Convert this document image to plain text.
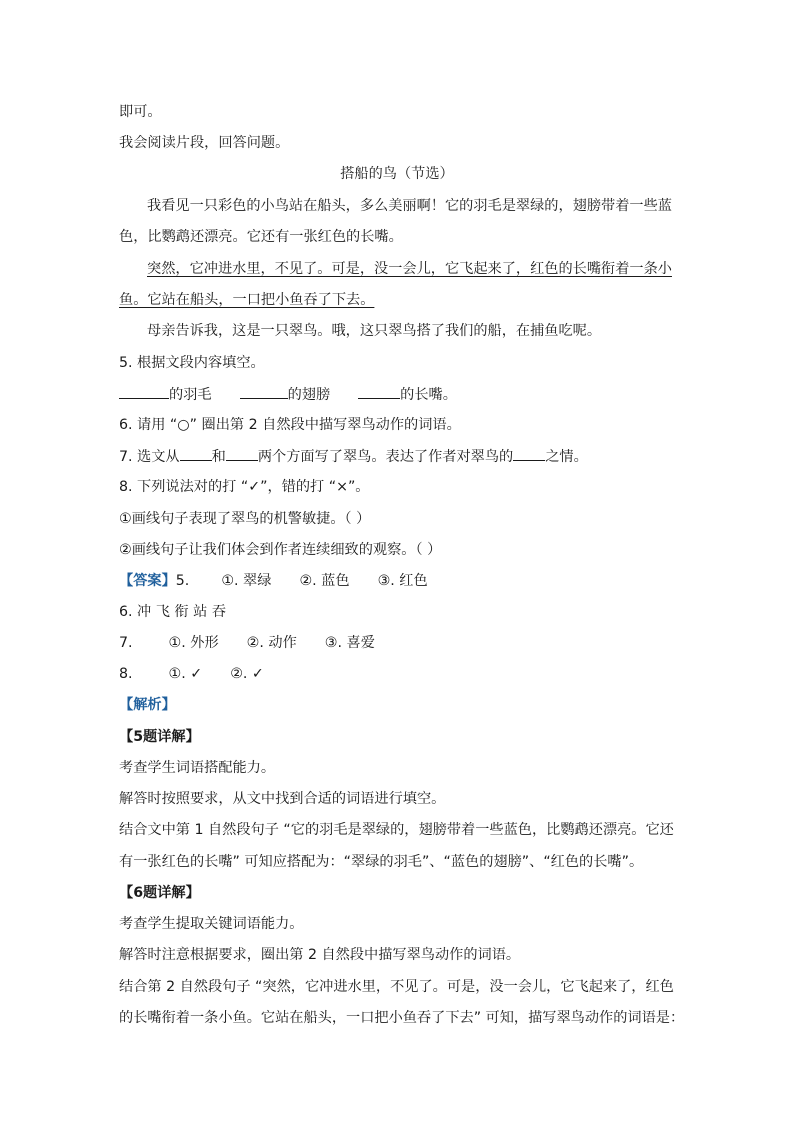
即可。
我会阅读片段，回答问题。
搭船的鸟（节选）
我看见一只彩色的小鸟站在船头，多么美丽啊！它的羽毛是翠绿的，翅膀带着一些蓝
色，比鹦鹉还漂亮。它还有一张红色的长嘴。
突然，它冲进水里，不见了。可是，没一会儿，它飞起来了，红色的长嘴衔着一条小
鱼。它站在船头，一口把小鱼吞了下去。
母亲告诉我，这是一只翠鸟。哦，这只翠鸟搭了我们的船，在捕鱼吃呢。
5. 根据文段内容填空。
的羽毛	的翅膀	的长嘴。
6. 请用 “○” 圈出第 2 自然段中描写翠鸟动作的词语。
7. 选文从 和 两个方面写了翠鸟。表达了作者对翠鸟的 之情。
8. 下列说法对的打 “✓”，错的打 “×”。
①画线句子表现了翠鸟的机警敏捷。（ ）
②画线句子让我们体会到作者连续细致的观察。（ ）
【答案】5. ①. 翠绿 ②. 蓝色 ③. 红色
6. 冲 飞 衔 站 吞
7.	①. 外形 ②. 动作 ③. 喜爱
8.	①. ✓ ②. ✓
【解析】
【5题详解】
考查学生词语搭配能力。
解答时按照要求，从文中找到合适的词语进行填空。
结合文中第 1 自然段句子 “它的羽毛是翠绿的，翅膀带着一些蓝色，比鹦鹉还漂亮。它还
有一张红色的长嘴” 可知应搭配为：“翠绿的羽毛”、“蓝色的翅膀”、“红色的长嘴”。
【6题详解】
考查学生提取关键词语能力。
解答时注意根据要求，圈出第 2 自然段中描写翠鸟动作的词语。
结合第 2 自然段句子 “突然，它冲进水里，不见了。可是，没一会儿，它飞起来了，红色
的长嘴衔着一条小鱼。它站在船头，一口把小鱼吞了下去” 可知，描写翠鸟动作的词语是：
